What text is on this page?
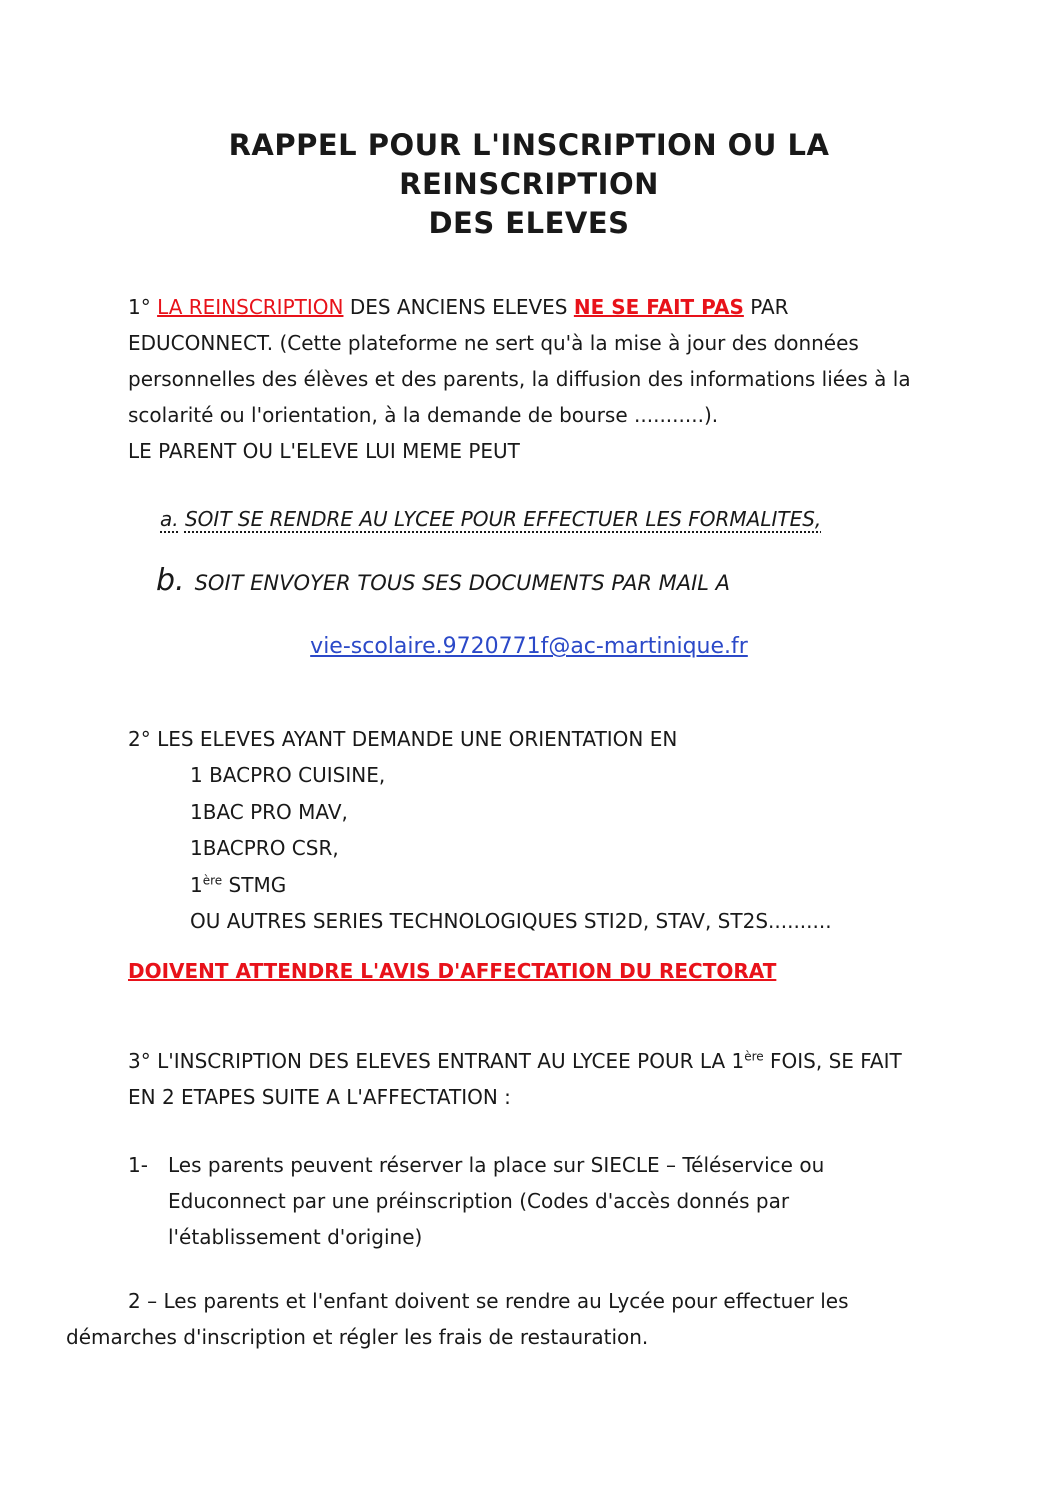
RAPPEL POUR L'INSCRIPTION OU LA REINSCRIPTION
DES ELEVES

1° LA REINSCRIPTION DES ANCIENS ELEVES NE SE FAIT PAS PAR EDUCONNECT. (Cette plateforme ne sert qu'à la mise à jour des données personnelles des élèves et des parents, la diffusion des informations liées à la scolarité ou l'orientation, à la demande de bourse ...........).

LE PARENT OU L'ELEVE LUI MEME PEUT

a. SOIT SE RENDRE AU LYCEE POUR EFFECTUER LES FORMALITES,
b. SOIT ENVOYER TOUS SES DOCUMENTS PAR MAIL A
vie-scolaire.9720771f@ac-martinique.fr

2° LES ELEVES AYANT DEMANDE UNE ORIENTATION EN

1 BACPRO CUISINE,
1BAC PRO MAV,
1BACPRO CSR,
1ère STMG
OU AUTRES SERIES TECHNOLOGIQUES STI2D, STAV, ST2S..........

DOIVENT ATTENDRE L'AVIS D'AFFECTATION DU RECTORAT

3° L'INSCRIPTION DES ELEVES ENTRANT AU LYCEE POUR LA 1ère FOIS, SE FAIT EN 2 ETAPES SUITE A L'AFFECTATION :

1-	Les parents peuvent réserver la place sur SIECLE – Téléservice ou Educonnect par une préinscription (Codes d'accès donnés par l'établissement d'origine)

2 – Les parents et l'enfant doivent se rendre au Lycée pour effectuer les démarches d'inscription et régler les frais de restauration.
